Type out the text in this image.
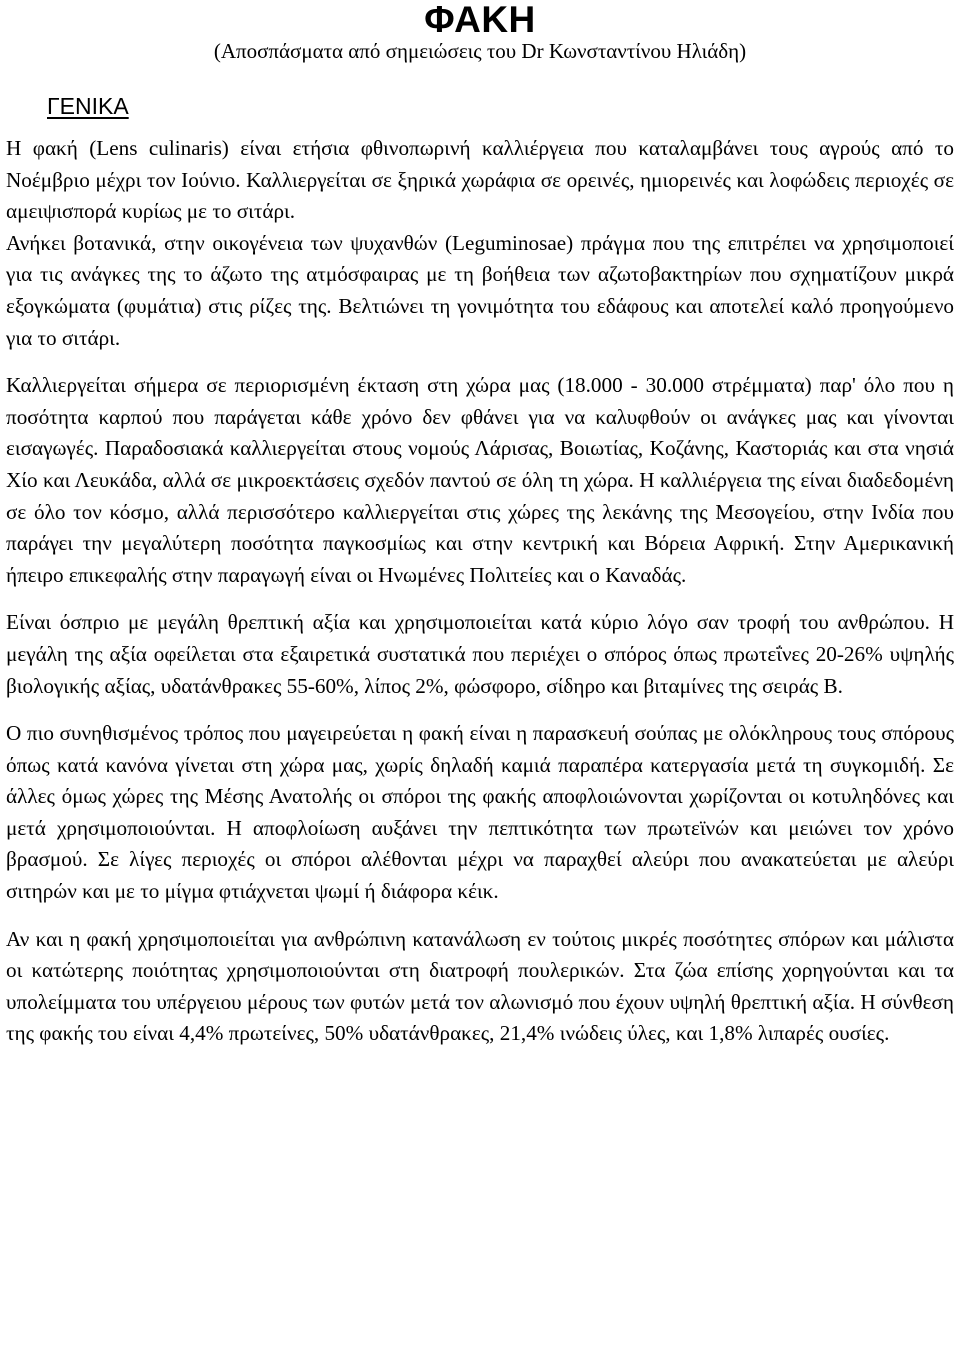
ΦΑΚΗ
(Αποσπάσματα από σημειώσεις του Dr Κωνσταντίνου Ηλιάδη)
ΓΕΝΙΚΑ

Η φακή (Lens culinaris) είναι ετήσια φθινοπωρινή καλλιέργεια που καταλαμβάνει τους αγρούς από το Νοέμβριο μέχρι τον Ιούνιο. Καλλιεργείται σε ξηρικά χωράφια σε ορεινές, ημιορεινές και λοφώδεις περιοχές σε αμειψισπορά κυρίως με το σιτάρι.

Ανήκει βοτανικά, στην οικογένεια των ψυχανθών (Leguminosae) πράγμα που της επιτρέπει να χρησιμοποιεί για τις ανάγκες της το άζωτο της ατμόσφαιρας με τη βοήθεια των αζωτοβακτηρίων που σχηματίζουν μικρά εξογκώματα (φυμάτια) στις ρίζες της. Βελτιώνει τη γονιμότητα του εδάφους και αποτελεί καλό προηγούμενο για το σιτάρι.

Καλλιεργείται σήμερα σε περιορισμένη έκταση στη χώρα μας (18.000 - 30.000 στρέμματα) παρ' όλο που η ποσότητα καρπού που παράγεται κάθε χρόνο δεν φθάνει για να καλυφθούν οι ανάγκες μας και γίνονται εισαγωγές. Παραδοσιακά καλλιεργείται στους νομούς Λάρισας, Βοιωτίας, Κοζάνης, Καστοριάς και στα νησιά Χίο και Λευκάδα, αλλά σε μικροεκτάσεις σχεδόν παντού σε όλη τη χώρα. Η καλλιέργεια της είναι διαδεδομένη σε όλο τον κόσμο, αλλά περισσότερο καλλιεργείται στις χώρες της λεκάνης της Μεσογείου, στην Ινδία που παράγει την μεγαλύτερη ποσότητα παγκοσμίως και στην κεντρική και Βόρεια Αφρική. Στην Αμερικανική ήπειρο επικεφαλής στην παραγωγή είναι οι Ηνωμένες Πολιτείες και ο Καναδάς.

Είναι όσπριο με μεγάλη θρεπτική αξία και χρησιμοποιείται κατά κύριο λόγο σαν τροφή του ανθρώπου. Η μεγάλη της αξία οφείλεται στα εξαιρετικά συστατικά που περιέχει ο σπόρος όπως πρωτεΐνες 20-26% υψηλής βιολογικής αξίας, υδατάνθρακες 55-60%, λίπος 2%, φώσφορο, σίδηρο και βιταμίνες της σειράς Β.

Ο πιο συνηθισμένος τρόπος που μαγειρεύεται η φακή είναι η παρασκευή σούπας με ολόκληρους τους σπόρους όπως κατά κανόνα γίνεται στη χώρα μας, χωρίς δηλαδή καμιά παραπέρα κατεργασία μετά τη συγκομιδή. Σε άλλες όμως χώρες της Μέσης Ανατολής οι σπόροι της φακής αποφλοιώνονται χωρίζονται οι κοτυληδόνες και μετά χρησιμοποιούνται. Η αποφλοίωση αυξάνει την πεπτικότητα των πρωτεϊνών και μειώνει τον χρόνο βρασμού. Σε λίγες περιοχές οι σπόροι αλέθονται μέχρι να παραχθεί αλεύρι που ανακατεύεται με αλεύρι σιτηρών και με το μίγμα φτιάχνεται ψωμί ή διάφορα κέικ.

Αν και η φακή χρησιμοποιείται για ανθρώπινη κατανάλωση εν τούτοις μικρές ποσότητες σπόρων και μάλιστα οι κατώτερης ποιότητας χρησιμοποιούνται στη διατροφή πουλερικών. Στα ζώα επίσης χορηγούνται και τα υπολείμματα του υπέργειου μέρους των φυτών μετά τον αλωνισμό που έχουν υψηλή θρεπτική αξία. Η σύνθεση της φακής του είναι 4,4% πρωτείνες, 50% υδατάνθρακες, 21,4% ινώδεις ύλες, και 1,8% λιπαρές ουσίες.
